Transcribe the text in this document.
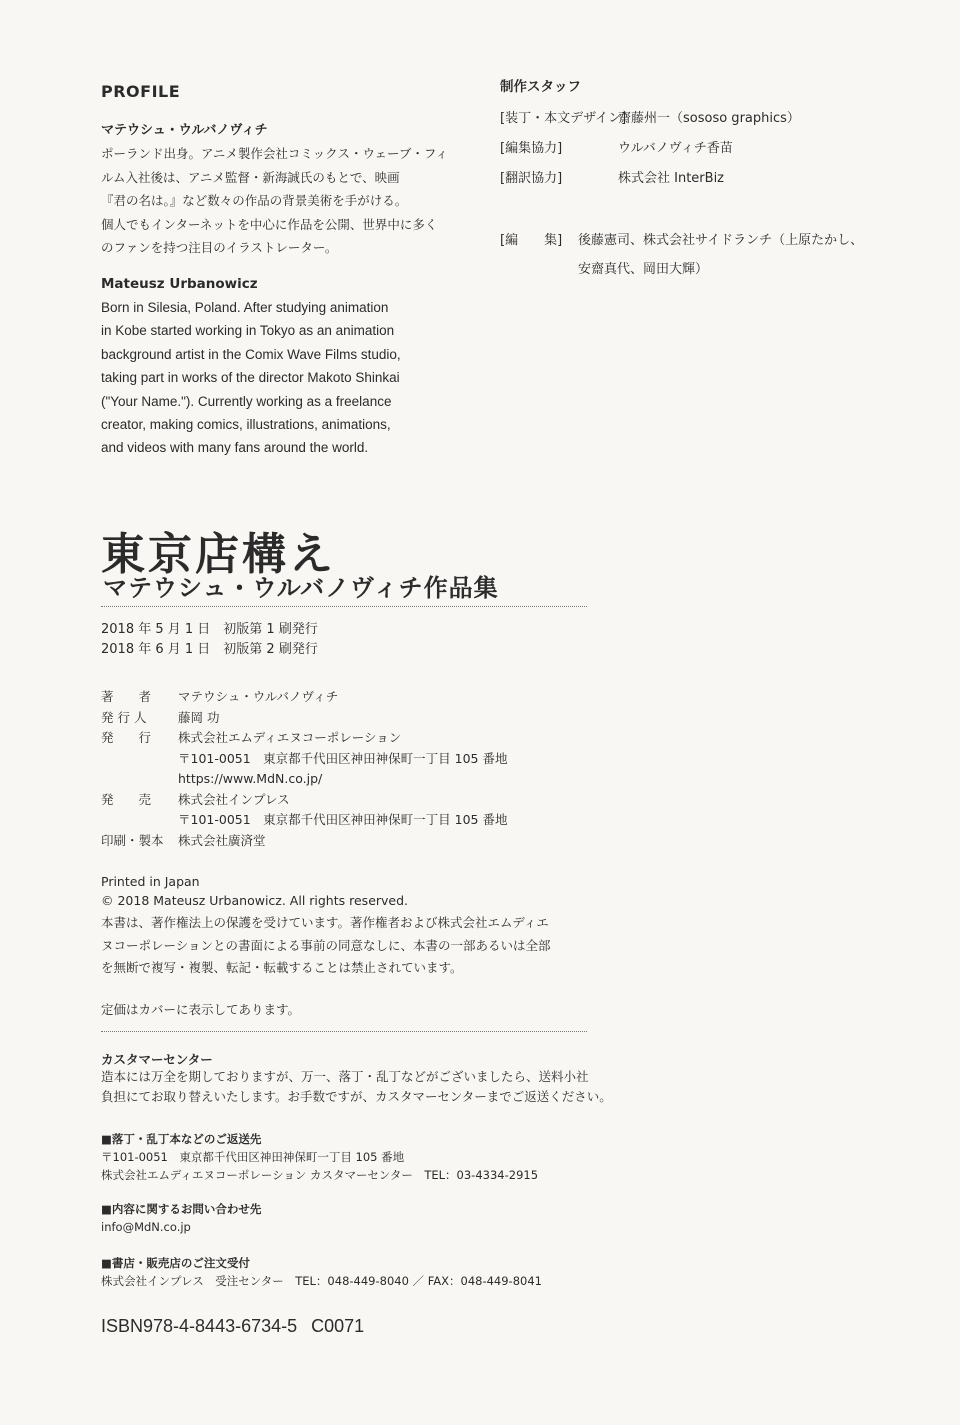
PROFILE
マテウシュ・ウルバノヴィチ
ポーランド出身。アニメ製作会社コミックス・ウェーブ・フィ
ルム入社後は、アニメ監督・新海誠氏のもとで、映画
『君の名は。』など数々の作品の背景美術を手がける。
個人でもインターネットを中心に作品を公開、世界中に多く
のファンを持つ注目のイラストレーター。
Mateusz Urbanowicz
Born in Silesia, Poland. After studying animation
in Kobe started working in Tokyo as an animation
background artist in the Comix Wave Films studio,
taking part in works of the director Makoto Shinkai
("Your Name."). Currently working as a freelance
creator, making comics, illustrations, animations,
and videos with many fans around the world.
制作スタッフ
[装丁・本文デザイン]齋藤州一（sososo graphics）
[編集協力]	ウルバノヴィチ香苗
[翻訳協力]	株式会社 InterBiz
[編　　集] 後藤憲司、株式会社サイドランチ（上原たかし、
安齋真代、岡田大輝）
東京店構え
マテウシュ・ウルバノヴィチ作品集
2018 年 5 月 1 日　初版第 1 刷発行
2018 年 6 月 1 日　初版第 2 刷発行
著　　者 マテウシュ・ウルバノヴィチ
発 行 人	藤岡 功
発　　行 株式会社エムディエヌコーポレーション
〒101-0051　東京都千代田区神田神保町一丁目 105 番地
https://www.MdN.co.jp/
発　　売 株式会社インプレス
〒101-0051　東京都千代田区神田神保町一丁目 105 番地
印刷・製本 株式会社廣済堂
Printed in Japan
© 2018 Mateusz Urbanowicz. All rights reserved.
本書は、著作権法上の保護を受けています。著作権者および株式会社エムディエ
ヌコーポレーションとの書面による事前の同意なしに、本書の一部あるいは全部
を無断で複写・複製、転記・転載することは禁止されています。
定価はカバーに表示してあります。
カスタマーセンター
造本には万全を期しておりますが、万一、落丁・乱丁などがございましたら、送料小社
負担にてお取り替えいたします。お手数ですが、カスタマーセンターまでご返送ください。
■落丁・乱丁本などのご返送先
〒101-0051　東京都千代田区神田神保町一丁目 105 番地
株式会社エムディエヌコーポレーション カスタマーセンター　TEL：03-4334-2915
■内容に関するお問い合わせ先
info@MdN.co.jp
■書店・販売店のご注文受付
株式会社インプレス　受注センター　TEL：048-449-8040 ／ FAX：048-449-8041
ISBN978-4-8443-6734-5 C0071
